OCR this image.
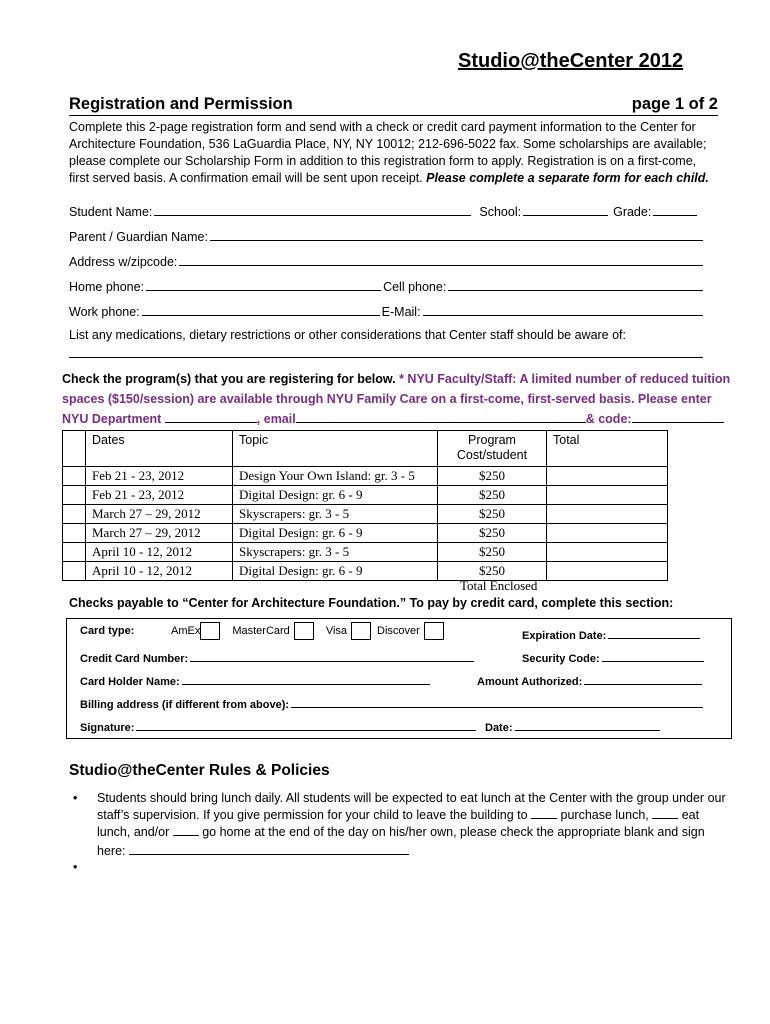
Studio@theCenter 2012
Registration and Permission	page 1 of 2
Complete this 2-page registration form and send with a check or credit card payment information to the Center for Architecture Foundation, 536 LaGuardia Place, NY, NY 10012; 212-696-5022 fax. Some scholarships are available; please complete our Scholarship Form in addition to this registration form to apply. Registration is on a first-come, first served basis. A confirmation email will be sent upon receipt. Please complete a separate form for each child.
Student Name:	School:	Grade:
Parent / Guardian Name:
Address w/zipcode:
Home phone:	Cell phone:
Work phone:	E-Mail:
List any medications, dietary restrictions or other considerations that Center staff should be aware of:
Check the program(s) that you are registering for below. * NYU Faculty/Staff: A limited number of reduced tuition spaces ($150/session) are available through NYU Family Care on a first-come, first-served basis. Please enter NYU Department	, email	& code:
	Dates	Topic	Program Cost/student	Total
	Feb 21 - 23, 2012	Design Your Own Island: gr. 3 - 5	$250	
	Feb 21 - 23, 2012	Digital Design: gr. 6 - 9	$250	
	March 27 – 29, 2012	Skyscrapers: gr. 3 - 5	$250	
	March 27 – 29, 2012	Digital Design: gr. 6 - 9	$250	
	April 10 - 12, 2012	Skyscrapers: gr. 3 - 5	$250	
	April 10 - 12, 2012	Digital Design: gr. 6 - 9	$250	
Total Enclosed
Checks payable to “Center for Architecture Foundation.” To pay by credit card, complete this section:
Card type:	AmEx	MasterCard	Visa	Discover	Expiration Date:
Credit Card Number:	Security Code:
Card Holder Name:	Amount Authorized:
Billing address (if different from above):
Signature:	Date:
Studio@theCenter Rules & Policies
•	Students should bring lunch daily. All students will be expected to eat lunch at the Center with the group under our staff’s supervision. If you give permission for your child to leave the building to  purchase lunch,  eat lunch, and/or  go home at the end of the day on his/her own, please check the appropriate blank and sign here:
•
